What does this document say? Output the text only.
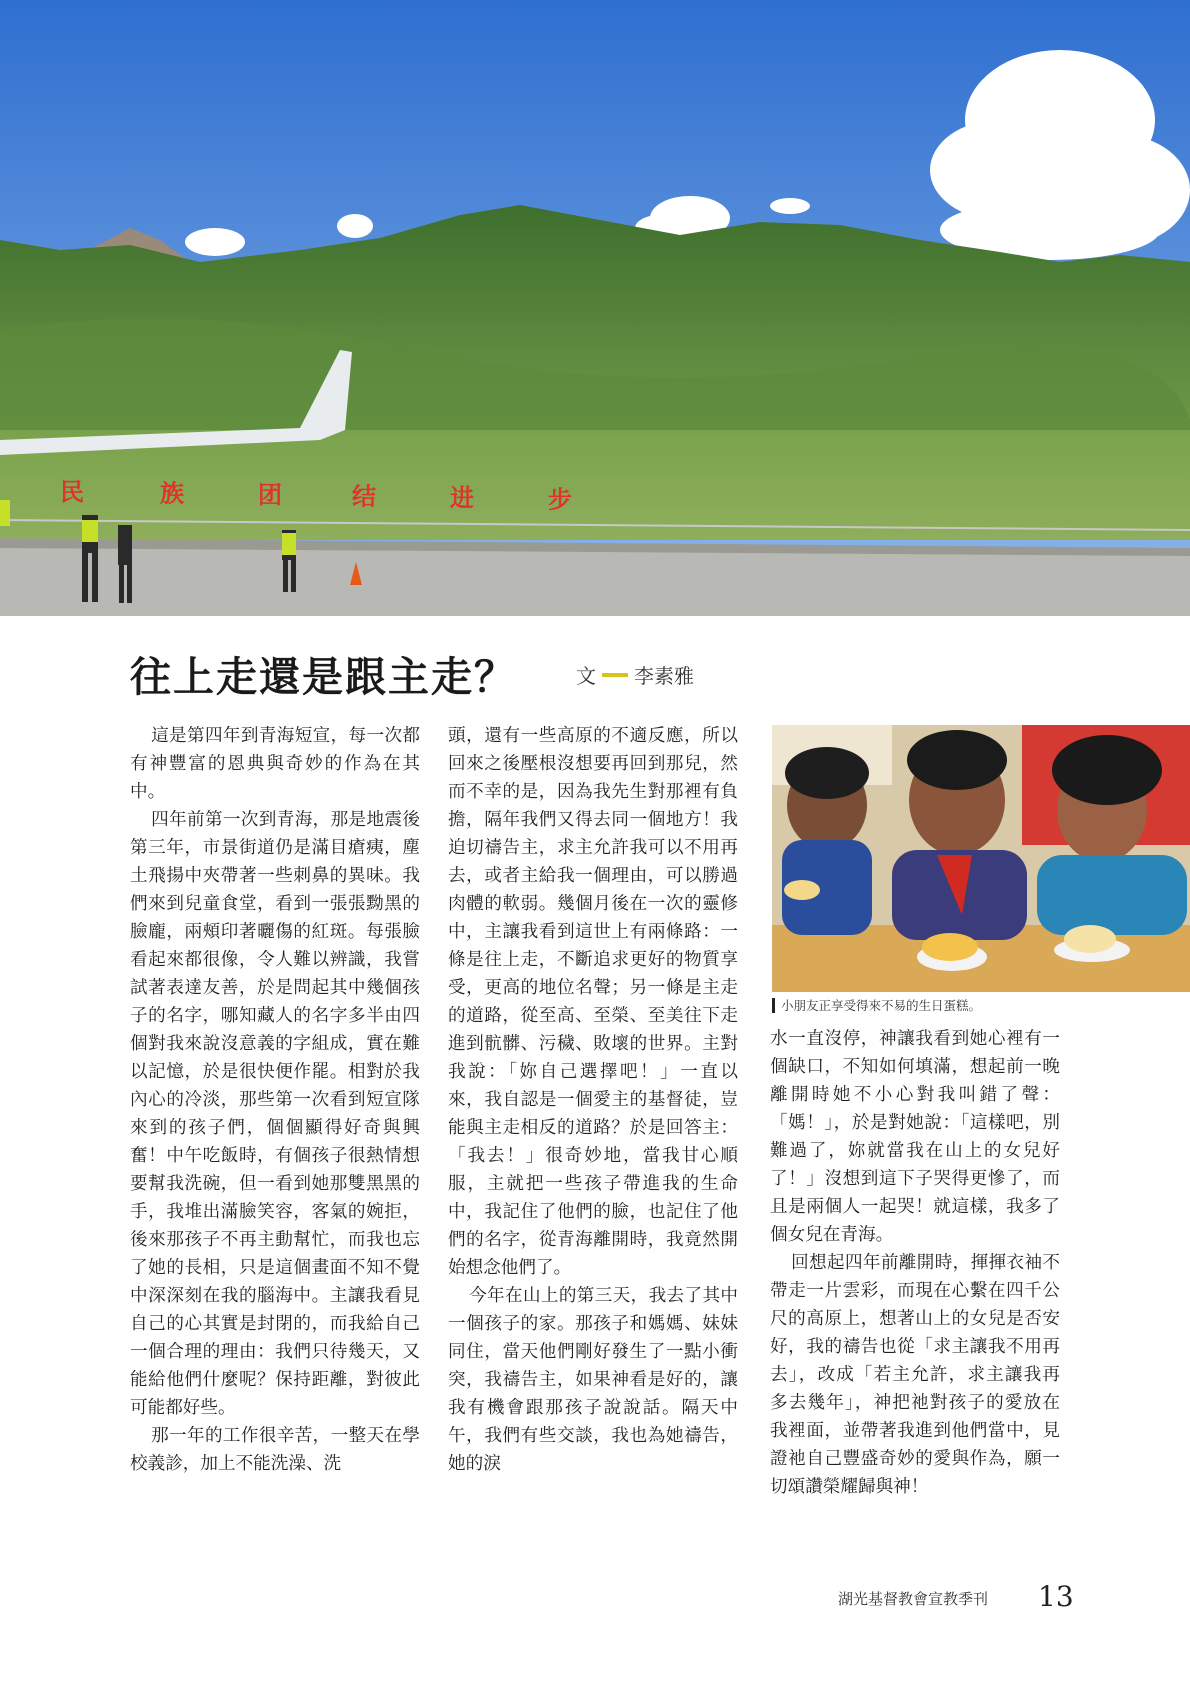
民	族	团	结	进	步
往上走還是跟主走？	文 李素雅

這是第四年到青海短宣，每一次都有神豐富的恩典與奇妙的作為在其中。

四年前第一次到青海，那是地震後第三年，市景街道仍是滿目瘡痍，塵土飛揚中夾帶著一些刺鼻的異味。我們來到兒童食堂，看到一張張黝黑的臉龐，兩頰印著曬傷的紅斑。每張臉看起來都很像，令人難以辨識，我嘗試著表達友善，於是問起其中幾個孩子的名字，哪知藏人的名字多半由四個對我來說沒意義的字組成，實在難以記憶，於是很快便作罷。相對於我內心的冷淡，那些第一次看到短宣隊來到的孩子們，個個顯得好奇與興奮！中午吃飯時，有個孩子很熱情想要幫我洗碗，但一看到她那雙黑黑的手，我堆出滿臉笑容，客氣的婉拒，後來那孩子不再主動幫忙，而我也忘了她的長相，只是這個畫面不知不覺中深深刻在我的腦海中。主讓我看見自己的心其實是封閉的，而我給自己一個合理的理由：我們只待幾天，又能給他們什麼呢？保持距離，對彼此可能都好些。

那一年的工作很辛苦，一整天在學校義診，加上不能洗澡、洗

頭，還有一些高原的不適反應，所以回來之後壓根沒想要再回到那兒，然而不幸的是，因為我先生對那裡有負擔，隔年我們又得去同一個地方！我迫切禱告主，求主允許我可以不用再去，或者主給我一個理由，可以勝過肉體的軟弱。幾個月後在一次的靈修中，主讓我看到這世上有兩條路：一條是往上走，不斷追求更好的物質享受，更高的地位名聲；另一條是主走的道路，從至高、至榮、至美往下走進到骯髒、污穢、敗壞的世界。主對我說：「妳自己選擇吧！」一直以來，我自認是一個愛主的基督徒，豈能與主走相反的道路？於是回答主：「我去！」很奇妙地，當我甘心順服，主就把一些孩子帶進我的生命中，我記住了他們的臉，也記住了他們的名字，從青海離開時，我竟然開始想念他們了。

今年在山上的第三天，我去了其中一個孩子的家。那孩子和媽媽、妹妹同住，當天他們剛好發生了一點小衝突，我禱告主，如果神看是好的，讓我有機會跟那孩子說說話。隔天中午，我們有些交談，我也為她禱告，她的淚

小朋友正享受得來不易的生日蛋糕。

水一直沒停，神讓我看到她心裡有一個缺口，不知如何填滿，想起前一晚離開時她不小心對我叫錯了聲：「媽！」，於是對她說：「這樣吧，別難過了，妳就當我在山上的女兒好了！」沒想到這下子哭得更慘了，而且是兩個人一起哭！就這樣，我多了個女兒在青海。

回想起四年前離開時，揮揮衣袖不帶走一片雲彩，而現在心繫在四千公尺的高原上，想著山上的女兒是否安好，我的禱告也從「求主讓我不用再去」，改成「若主允許，求主讓我再多去幾年」，神把祂對孩子的愛放在我裡面，並帶著我進到他們當中，見證祂自己豐盛奇妙的愛與作為，願一切頌讚榮耀歸與神！

湖光基督教會宣教季刊 13
